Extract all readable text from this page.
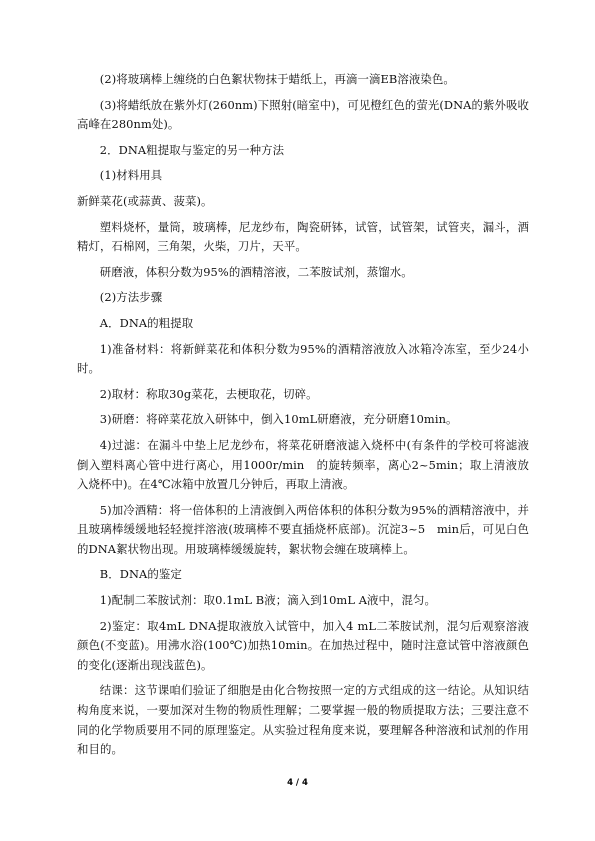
(2)将玻璃棒上缠绕的白色絮状物抹于蜡纸上，再滴一滴EB溶液染色。

(3)将蜡纸放在紫外灯(260nm)下照射(暗室中)，可见橙红色的萤光(DNA的紫外吸收高峰在280nm处)。

2．DNA粗提取与鉴定的另一种方法

(1)材料用具

新鲜菜花(或蒜黄、菠菜)。

塑料烧杯，量筒，玻璃棒，尼龙纱布，陶瓷研钵，试管，试管架，试管夹，漏斗，酒精灯，石棉网，三角架，火柴，刀片，天平。

研磨液，体积分数为95%的酒精溶液，二苯胺试剂，蒸馏水。

(2)方法步骤

A．DNA的粗提取

1)准备材料：将新鲜菜花和体积分数为95%的酒精溶液放入冰箱冷冻室，至少24小时。

2)取材：称取30g菜花，去梗取花，切碎。

3)研磨：将碎菜花放入研钵中，倒入10mL研磨液，充分研磨10min。

4)过滤：在漏斗中垫上尼龙纱布，将菜花研磨液滤入烧杯中(有条件的学校可将滤液倒入塑料离心管中进行离心，用1000r/min　的旋转频率，离心2~5min；取上清液放入烧杯中)。在4℃冰箱中放置几分钟后，再取上清液。

5)加冷酒精：将一倍体积的上清液倒入两倍体积的体积分数为95%的酒精溶液中，并且玻璃棒缓缓地轻轻搅拌溶液(玻璃棒不要直插烧杯底部)。沉淀3~5　min后，可见白色的DNA絮状物出现。用玻璃棒缓缓旋转，絮状物会缠在玻璃棒上。

B．DNA的鉴定

1)配制二苯胺试剂：取0.1mL B液；滴入到10mL A液中，混匀。

2)鉴定：取4mL DNA提取液放入试管中，加入4 mL二苯胺试剂，混匀后观察溶液颜色(不变蓝)。用沸水浴(100℃)加热10min。在加热过程中，随时注意试管中溶液颜色的变化(逐渐出现浅蓝色)。

结课：这节课咱们验证了细胞是由化合物按照一定的方式组成的这一结论。从知识结构角度来说，一要加深对生物的物质性理解；二要掌握一般的物质提取方法；三要注意不同的化学物质要用不同的原理鉴定。从实验过程角度来说，要理解各种溶液和试剂的作用和目的。

4 / 4
